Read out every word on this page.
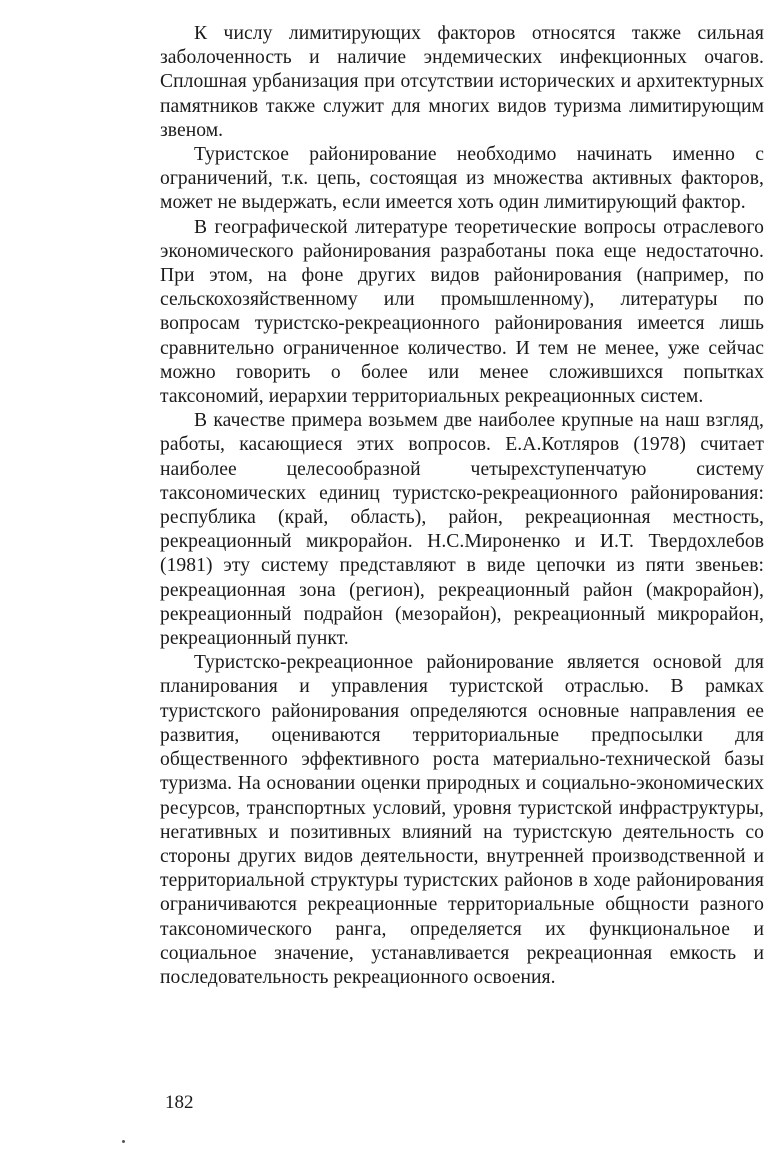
К числу лимитирующих факторов относятся также сильная заболоченность и наличие эндемических инфекционных очагов. Сплошная урбанизация при отсутствии исторических и архитектурных памятников также служит для многих видов туризма лимитирующим звеном.

Туристское районирование необходимо начинать именно с ограничений, т.к. цепь, состоящая из множества активных факторов, может не выдержать, если имеется хоть один лимитирующий фактор.

В географической литературе теоретические вопросы отраслевого экономического районирования разработаны пока еще недостаточно. При этом, на фоне других видов районирования (например, по сельскохозяйственному или промышленному), литературы по вопросам туристско-рекреационного районирования имеется лишь сравнительно ограниченное количество. И тем не менее, уже сейчас можно говорить о более или менее сложившихся попытках таксономий, иерархии территориальных рекреационных систем.

В качестве примера возьмем две наиболее крупные на наш взгляд, работы, касающиеся этих вопросов. Е.А.Котляров (1978) считает наиболее целесообразной четырехступенчатую систему таксономических единиц туристско-рекреационного районирования: республика (край, область), район, рекреационная местность, рекреационный микрорайон. Н.С.Мироненко и И.Т. Твердохлебов (1981) эту систему представляют в виде цепочки из пяти звеньев: рекреационная зона (регион), рекреационный район (макрорайон), рекреационный подрайон (мезорайон), рекреационный микрорайон, рекреационный пункт.

Туристско-рекреационное районирование является основой для планирования и управления туристской отраслью. В рамках туристского районирования определяются основные направления ее развития, оцениваются территориальные предпосылки для общественного эффективного роста материально-технической базы туризма. На основании оценки природных и социально-экономических ресурсов, транспортных условий, уровня туристской инфраструктуры, негативных и позитивных влияний на туристскую деятельность со стороны других видов деятельности, внутренней производственной и территориальной структуры туристских районов в ходе районирования ограничиваются рекреационные территориальные общности разного таксономического ранга, определяется их функциональное и социальное значение, устанавливается рекреационная емкость и последовательность рекреационного освоения.

182
